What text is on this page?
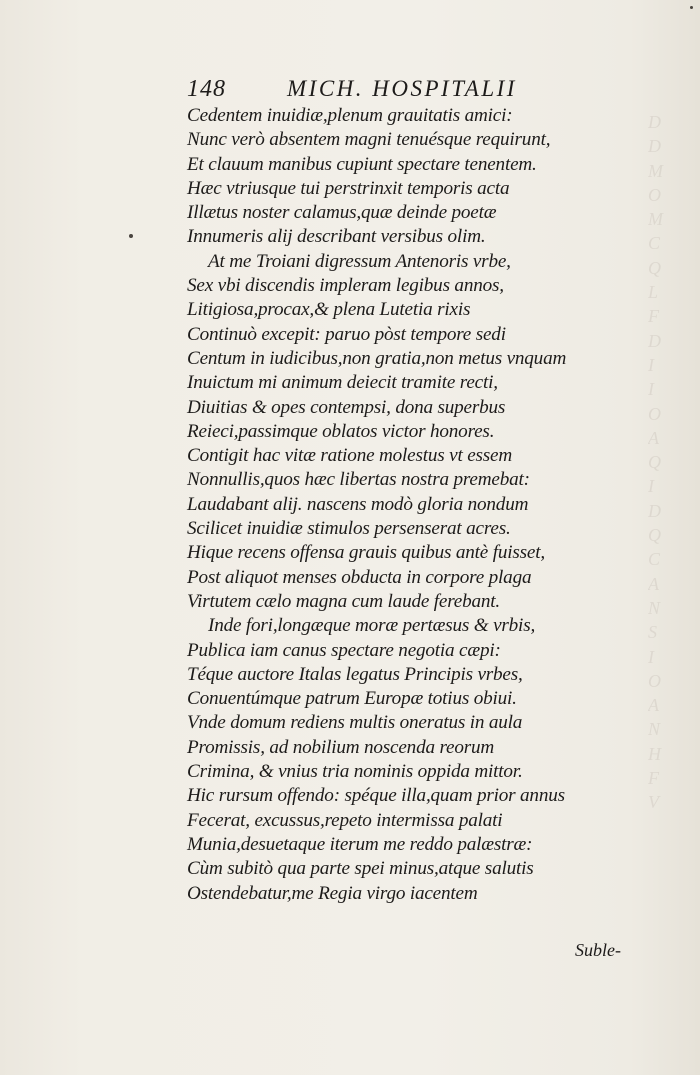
D
D
M
O
M
C
Q
L
F
D
I
I
O
A
Q
I
D
Q
C
A
N
S
I
O
A
N
H
F
V
148	MICH. HOSPITALII
Cedentem inuidiæ,plenum grauitatis amici:
Nunc verò absentem magni tenuésque requirunt,
Et clauum manibus cupiunt spectare tenentem.
Hæc vtriusque tui perstrinxit temporis acta
Illætus noster calamus,quæ deinde poetæ
Innumeris alij describant versibus olim.
At me Troiani digressum Antenoris vrbe,
Sex vbi discendis impleram legibus annos,
Litigiosa,procax,& plena Lutetia rixis
Continuò excepit: paruo pòst tempore sedi
Centum in iudicibus,non gratia,non metus vnquam
Inuictum mi animum deiecit tramite recti,
Diuitias & opes contempsi, dona superbus
Reieci,passimque oblatos victor honores.
Contigit hac vitæ ratione molestus vt essem
Nonnullis,quos hæc libertas nostra premebat:
Laudabant alij. nascens modò gloria nondum
Scilicet inuidiæ stimulos persenserat acres.
Hique recens offensa grauis quibus antè fuisset,
Post aliquot menses obducta in corpore plaga
Virtutem cælo magna cum laude ferebant.
Inde fori,longæque moræ pertæsus & vrbis,
Publica iam canus spectare negotia cæpi:
Téque auctore Italas legatus Principis vrbes,
Conuentúmque patrum Europæ totius obiui.
Vnde domum rediens multis oneratus in aula
Promissis, ad nobilium noscenda reorum
Crimina, & vnius tria nominis oppida mittor.
Hic rursum offendo: spéque illa,quam prior annus
Fecerat, excussus,repeto intermissa palati
Munia,desuetaque iterum me reddo palæstræ:
Cùm subitò qua parte spei minus,atque salutis
Ostendebatur,me Regia virgo iacentem
Suble-
